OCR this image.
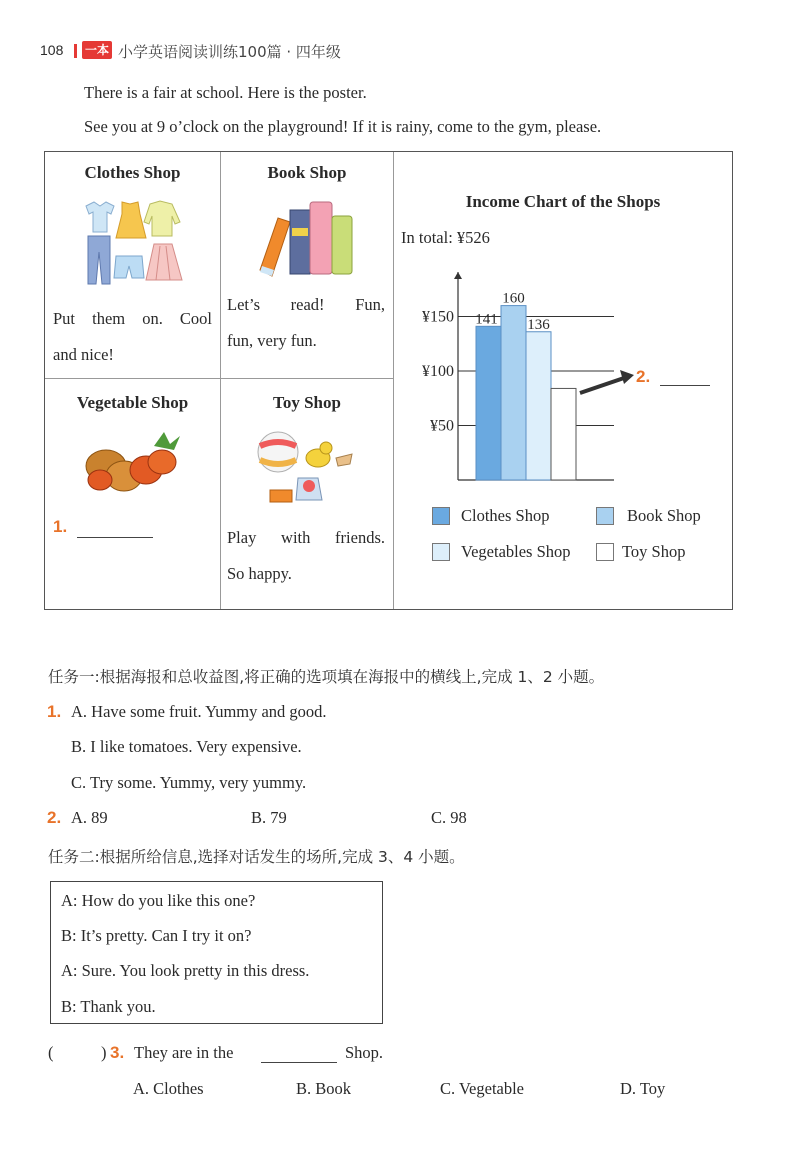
108 一本 小学英语阅读训练100篇 · 四年级
There is a fair at school. Here is the poster.
See you at 9 o’clock on the playground! If it is rainy, come to the gym, please.
Clothes Shop
Put them on. Cool
and nice!
Book Shop
Let’s read! Fun,
fun, very fun.
Vegetable Shop
1.
Toy Shop
Play with friends.
So happy.
Income Chart of the Shops
In total: ¥526
¥50
¥100
¥150 141
160
136
2.
Clothes Shop	Book Shop
Vegetables Shop	Toy Shop
任务一:根据海报和总收益图,将正确的选项填在海报中的横线上,完成 1、2 小题。
1. A. Have some fruit. Yummy and good.
B. I like tomatoes. Very expensive.
C. Try some. Yummy, very yummy.
2. A. 89	B. 79	C. 98
任务二:根据所给信息,选择对话发生的场所,完成 3、4 小题。
A: How do you like this one?
B: It’s pretty. Can I try it on?
A: Sure. You look pretty in this dress.
B: Thank you.
(	) 3. They are in the	Shop.
A. Clothes	B. Book	C. Vegetable	D. Toy
